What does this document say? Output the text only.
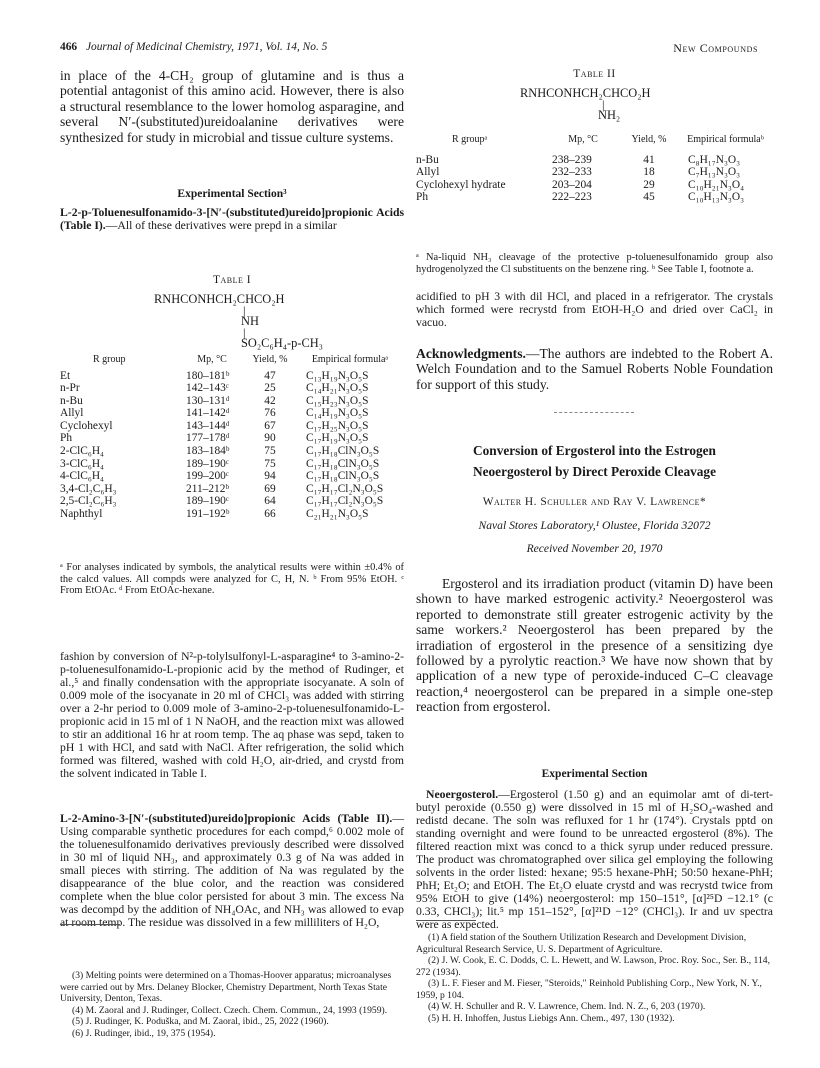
466 Journal of Medicinal Chemistry, 1971, Vol. 14, No. 5	New Compounds

in place of the 4-CH₂ group of glutamine and is thus a potential antagonist of this amino acid. However, there is also a structural resemblance to the lower homolog asparagine, and several N′-(substituted)ureidoalanine derivatives were synthesized for study in microbial and tissue culture systems.

Experimental Section³

L-2-p-Toluenesulfonamido-3-[N′-(substituted)ureido]propionic Acids (Table I).—All of these derivatives were prepd in a similar

Table I
RNHCONHCH₂CHCO₂H
|
NH
|
SO₂C₆H₄-p-CH₃
R group	Mp, °C	Yield, %	Empirical formulaᵃ

Et	180–181ᵇ	47	C₁₃H₁₉N₃O₅S
n-Pr	142–143ᶜ	25	C₁₄H₂₁N₃O₅S
n-Bu	130–131ᵈ	42	C₁₅H₂₃N₃O₅S
Allyl	141–142ᵈ	76	C₁₄H₁₉N₃O₅S
Cyclohexyl	143–144ᵈ	67	C₁₇H₂₅N₃O₅S
Ph	177–178ᵈ	90	C₁₇H₁₉N₃O₅S
2-ClC₆H₄	183–184ᵇ	75	C₁₇H₁₈ClN₃O₅S
3-ClC₆H₄	189–190ᶜ	75	C₁₇H₁₈ClN₃O₅S
4-ClC₆H₄	199–200ᶜ	94	C₁₇H₁₈ClN₃O₅S
3,4-Cl₂C₆H₃	211–212ᵇ	69	C₁₇H₁₇Cl₂N₃O₅S
2,5-Cl₂C₆H₃	189–190ᶜ	64	C₁₇H₁₇Cl₂N₃O₅S
Naphthyl	191–192ᵇ	66	C₂₁H₂₁N₃O₅S

ᵃ For analyses indicated by symbols, the analytical results were within ±0.4% of the calcd values. All compds were analyzed for C, H, N. ᵇ From 95% EtOH. ᶜ From EtOAc. ᵈ From EtOAc-hexane.

fashion by conversion of N²-p-tolylsulfonyl-L-asparagine⁴ to 3-amino-2-p-toluenesulfonamido-L-propionic acid by the method of Rudinger, et al.,⁵ and finally condensation with the appropriate isocyanate. A soln of 0.009 mole of the isocyanate in 20 ml of CHCl₃ was added with stirring over a 2-hr period to 0.009 mole of 3-amino-2-p-toluenesulfonamido-L-propionic acid in 15 ml of 1 N NaOH, and the reaction mixt was allowed to stir an additional 16 hr at room temp. The aq phase was sepd, taken to pH 1 with HCl, and satd with NaCl. After refrigeration, the solid which formed was filtered, washed with cold H₂O, air-dried, and crystd from the solvent indicated in Table I.

L-2-Amino-3-[N′-(substituted)ureido]propionic Acids (Table II).—Using comparable synthetic procedures for each compd,⁶ 0.002 mole of the toluenesulfonamido derivatives previously described were dissolved in 30 ml of liquid NH₃, and approximately 0.3 g of Na was added in small pieces with stirring. The addition of Na was regulated by the disappearance of the blue color, and the reaction was considered complete when the blue color persisted for about 3 min. The excess Na was decompd by the addition of NH₄OAc, and NH₃ was allowed to evap at room temp. The residue was dissolved in a few milliliters of H₂O,

(3) Melting points were determined on a Thomas-Hoover apparatus; microanalyses were carried out by Mrs. Delaney Blocker, Chemistry Department, North Texas State University, Denton, Texas.

(4) M. Zaoral and J. Rudinger, Collect. Czech. Chem. Commun., 24, 1993 (1959).

(5) J. Rudinger, K. Poduška, and M. Zaoral, ibid., 25, 2022 (1960).

(6) J. Rudinger, ibid., 19, 375 (1954).

Table II
RNHCONHCH₂CHCO₂H
|
NH₂
R groupᵃ	Mp, °C	Yield, %	Empirical formulaᵇ

n-Bu	238–239	41	C₈H₁₇N₃O₃
Allyl	232–233	18	C₇H₁₃N₃O₃
Cyclohexyl hydrate	203–204	29	C₁₀H₂₁N₃O₄
Ph	222–223	45	C₁₀H₁₃N₃O₃

ᵃ Na-liquid NH₃ cleavage of the protective p-toluenesulfonamido group also hydrogenolyzed the Cl substituents on the benzene ring. ᵇ See Table I, footnote a.

acidified to pH 3 with dil HCl, and placed in a refrigerator. The crystals which formed were recrystd from EtOH-H₂O and dried over CaCl₂ in vacuo.

Acknowledgments.—The authors are indebted to the Robert A. Welch Foundation and to the Samuel Roberts Noble Foundation for support of this study.

Conversion of Ergosterol into the Estrogen
Neoergosterol by Direct Peroxide Cleavage
Walter H. Schuller and Ray V. Lawrence*
Naval Stores Laboratory,¹ Olustee, Florida 32072
Received November 20, 1970

Ergosterol and its irradiation product (vitamin D) have been shown to have marked estrogenic activity.² Neoergosterol was reported to demonstrate still greater estrogenic activity by the same workers.² Neoergosterol has been prepared by the irradiation of ergosterol in the presence of a sensitizing dye followed by a pyrolytic reaction.³ We have now shown that by application of a new type of peroxide-induced C–C cleavage reaction,⁴ neoergosterol can be prepared in a simple one-step reaction from ergosterol.

Experimental Section

Neoergosterol.—Ergosterol (1.50 g) and an equimolar amt of di-tert-butyl peroxide (0.550 g) were dissolved in 15 ml of H₂SO₄-washed and redistd decane. The soln was refluxed for 1 hr (174°). Crystals pptd on standing overnight and were found to be unreacted ergosterol (8%). The filtered reaction mixt was concd to a thick syrup under reduced pressure. The product was chromatographed over silica gel employing the following solvents in the order listed: hexane; 95:5 hexane-PhH; 50:50 hexane-PhH; PhH; Et₂O; and EtOH. The Et₂O eluate crystd and was recrystd twice from 95% EtOH to give (14%) neoergosterol: mp 150–151°, [α]²⁵D −12.1° (c 0.33, CHCl₃); lit.⁵ mp 151–152°, [α]²¹D −12° (CHCl₃). Ir and uv spectra were as expected.

(1) A field station of the Southern Utilization Research and Development Division, Agricultural Research Service, U. S. Department of Agriculture.

(2) J. W. Cook, E. C. Dodds, C. L. Hewett, and W. Lawson, Proc. Roy. Soc., Ser. B., 114, 272 (1934).

(3) L. F. Fieser and M. Fieser, "Steroids," Reinhold Publishing Corp., New York, N. Y., 1959, p 104.

(4) W. H. Schuller and R. V. Lawrence, Chem. Ind. N. Z., 6, 203 (1970).

(5) H. H. Inhoffen, Justus Liebigs Ann. Chem., 497, 130 (1932).
